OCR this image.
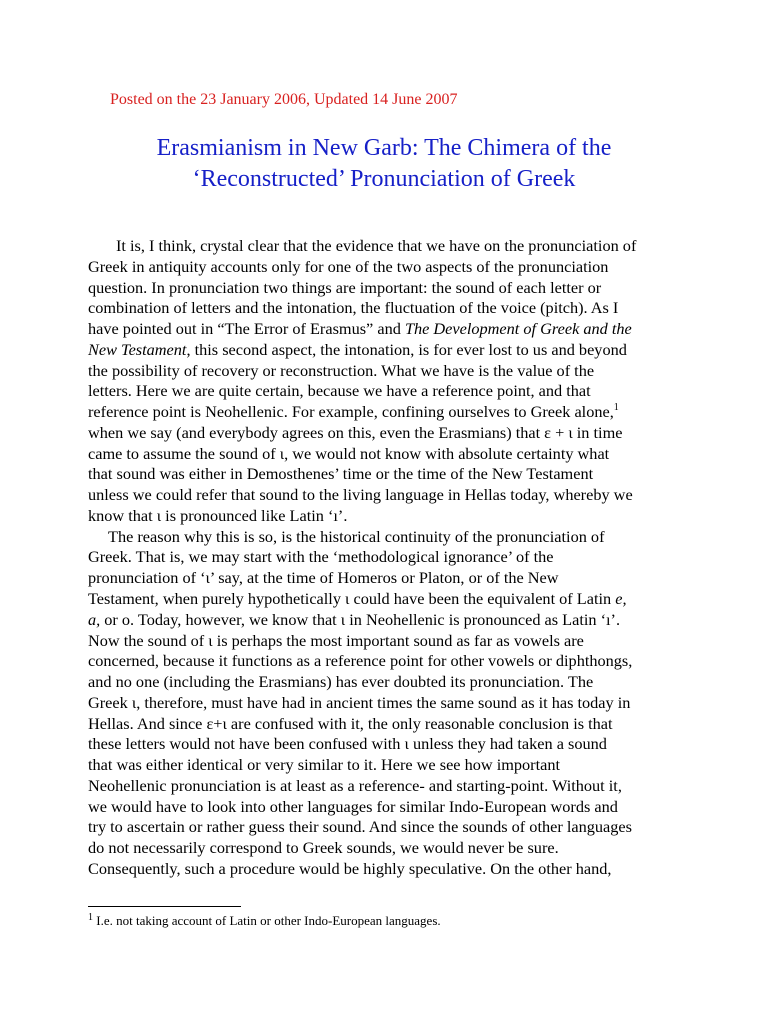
Posted on the 23 January 2006, Updated 14 June 2007

Erasmianism in New Garb: The Chimera of the
‘Reconstructed’ Pronunciation of Greek
It is, I think, crystal clear that the evidence that we have on the pronunciation of
Greek in antiquity accounts only for one of the two aspects of the pronunciation
question. In pronunciation two things are important: the sound of each letter or
combination of letters and the intonation, the fluctuation of the voice (pitch). As I
have pointed out in “The Error of Erasmus” and The Development of Greek and the
New Testament, this second aspect, the intonation, is for ever lost to us and beyond
the possibility of recovery or reconstruction. What we have is the value of the
letters. Here we are quite certain, because we have a reference point, and that
reference point is Neohellenic. For example, confining ourselves to Greek alone,$^1$
when we say (and everybody agrees on this, even the Erasmians) that ε + ι in time
came to assume the sound of ι, we would not know with absolute certainty what
that sound was either in Demosthenes’ time or the time of the New Testament
unless we could refer that sound to the living language in Hellas today, whereby we
know that ι is pronounced like Latin ‘ı’.
The reason why this is so, is the historical continuity of the pronunciation of
Greek. That is, we may start with the ‘methodological ignorance’ of the
pronunciation of ‘ι’ say, at the time of Homeros or Platon, or of the New
Testament, when purely hypothetically ι could have been the equivalent of Latin e,
a, or o. Today, however, we know that ι in Neohellenic is pronounced as Latin ‘ı’.
Now the sound of ι is perhaps the most important sound as far as vowels are
concerned, because it functions as a reference point for other vowels or diphthongs,
and no one (including the Erasmians) has ever doubted its pronunciation. The
Greek ι, therefore, must have had in ancient times the same sound as it has today in
Hellas. And since ε+ι are confused with it, the only reasonable conclusion is that
these letters would not have been confused with ι unless they had taken a sound
that was either identical or very similar to it. Here we see how important
Neohellenic pronunciation is at least as a reference- and starting-point. Without it,
we would have to look into other languages for similar Indo-European words and
try to ascertain or rather guess their sound. And since the sounds of other languages
do not necessarily correspond to Greek sounds, we would never be sure.
Consequently, such a procedure would be highly speculative. On the other hand,

$^1$ I.e. not taking account of Latin or other Indo-European languages.
